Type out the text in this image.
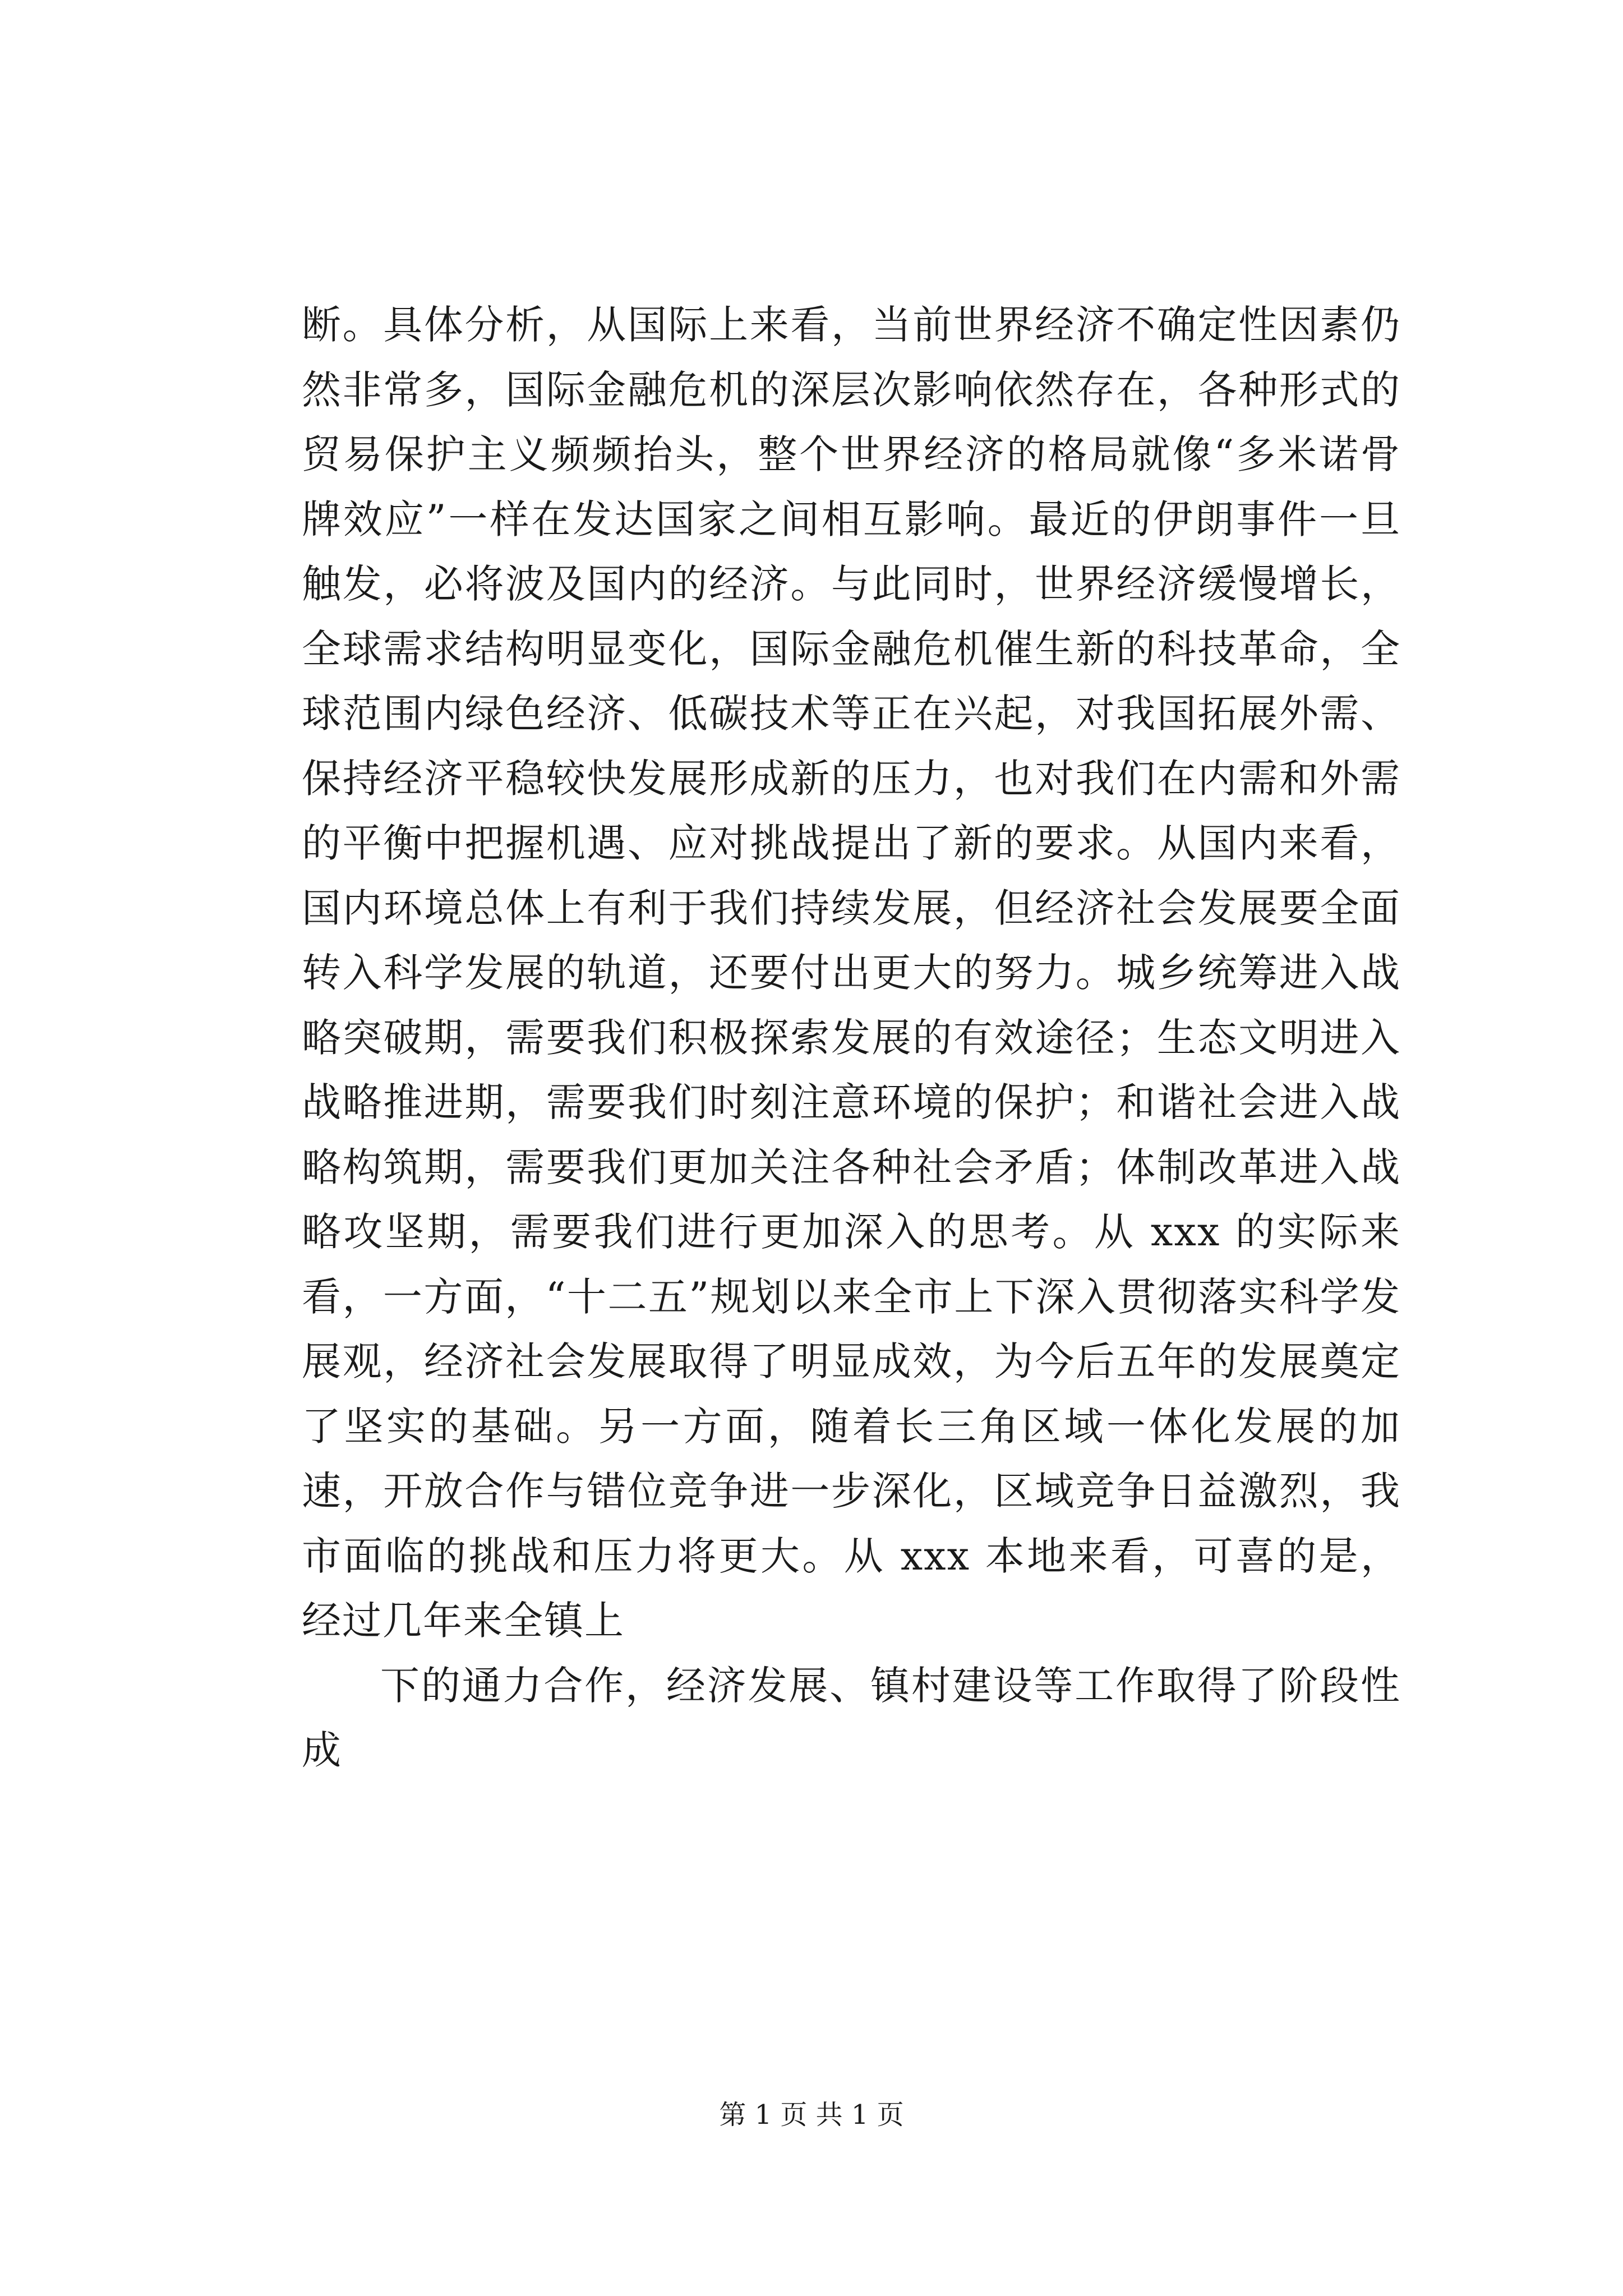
断。具体分析，从国际上来看，当前世界经济不确定性因素仍然非常多，国际金融危机的深层次影响依然存在，各种形式的贸易保护主义频频抬头，整个世界经济的格局就像“多米诺骨牌效应”一样在发达国家之间相互影响。最近的伊朗事件一旦触发，必将波及国内的经济。与此同时，世界经济缓慢增长，全球需求结构明显变化，国际金融危机催生新的科技革命，全球范围内绿色经济、低碳技术等正在兴起，对我国拓展外需、保持经济平稳较快发展形成新的压力，也对我们在内需和外需的平衡中把握机遇、应对挑战提出了新的要求。从国内来看，国内环境总体上有利于我们持续发展，但经济社会发展要全面转入科学发展的轨道，还要付出更大的努力。城乡统筹进入战略突破期，需要我们积极探索发展的有效途径；生态文明进入战略推进期，需要我们时刻注意环境的保护；和谐社会进入战略构筑期，需要我们更加关注各种社会矛盾；体制改革进入战略攻坚期，需要我们进行更加深入的思考。从 xxx 的实际来看，一方面，“十二五”规划以来全市上下深入贯彻落实科学发展观，经济社会发展取得了明显成效，为今后五年的发展奠定了坚实的基础。另一方面，随着长三角区域一体化发展的加速，开放合作与错位竞争进一步深化，区域竞争日益激烈，我市面临的挑战和压力将更大。从 xxx 本地来看，可喜的是，经过几年来全镇上

下的通力合作，经济发展、镇村建设等工作取得了阶段性成

第 1 页 共 1 页
